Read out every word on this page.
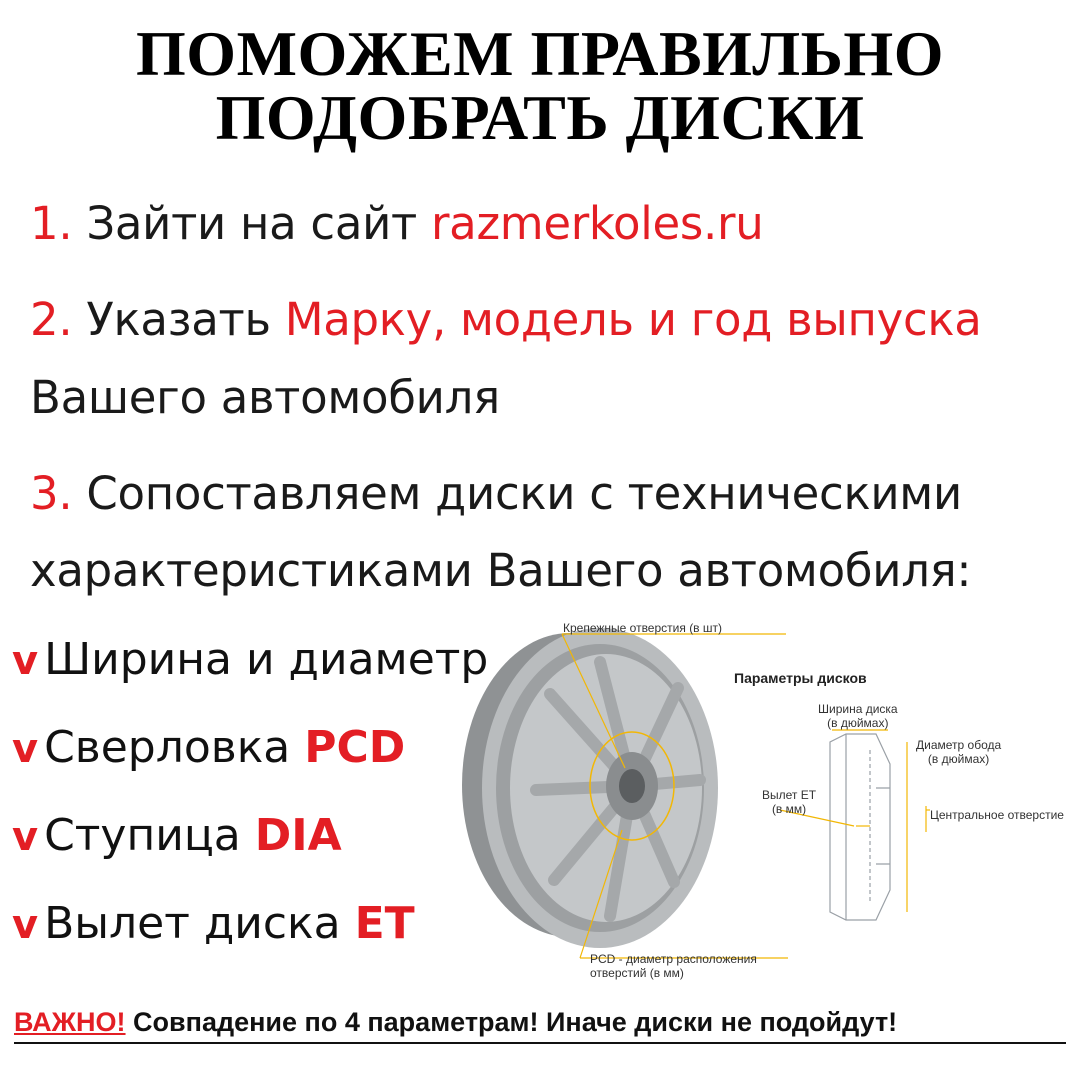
ПОМОЖЕМ ПРАВИЛЬНО
ПОДОБРАТЬ ДИСКИ
1. Зайти на сайт razmerkoles.ru
2. Указать Марку, модель и год выпуска
Вашего автомобиля
3. Сопоставляем диски с техническими
характеристиками Вашего автомобиля:
v Ширина и диаметр
v Сверловка PCD
v Ступица DIA
v Вылет диска ET
Крепежные отверстия (в шт)
Параметры дисков
Ширина диска
(в дюймах)
Диаметр обода
(в дюймах)
Вылет ET
(в мм)	Центральное отверстие
PCD - диаметр расположения
отверстий (в мм)
ВАЖНО! Совпадение по 4 параметрам! Иначе диски не подойдут!
